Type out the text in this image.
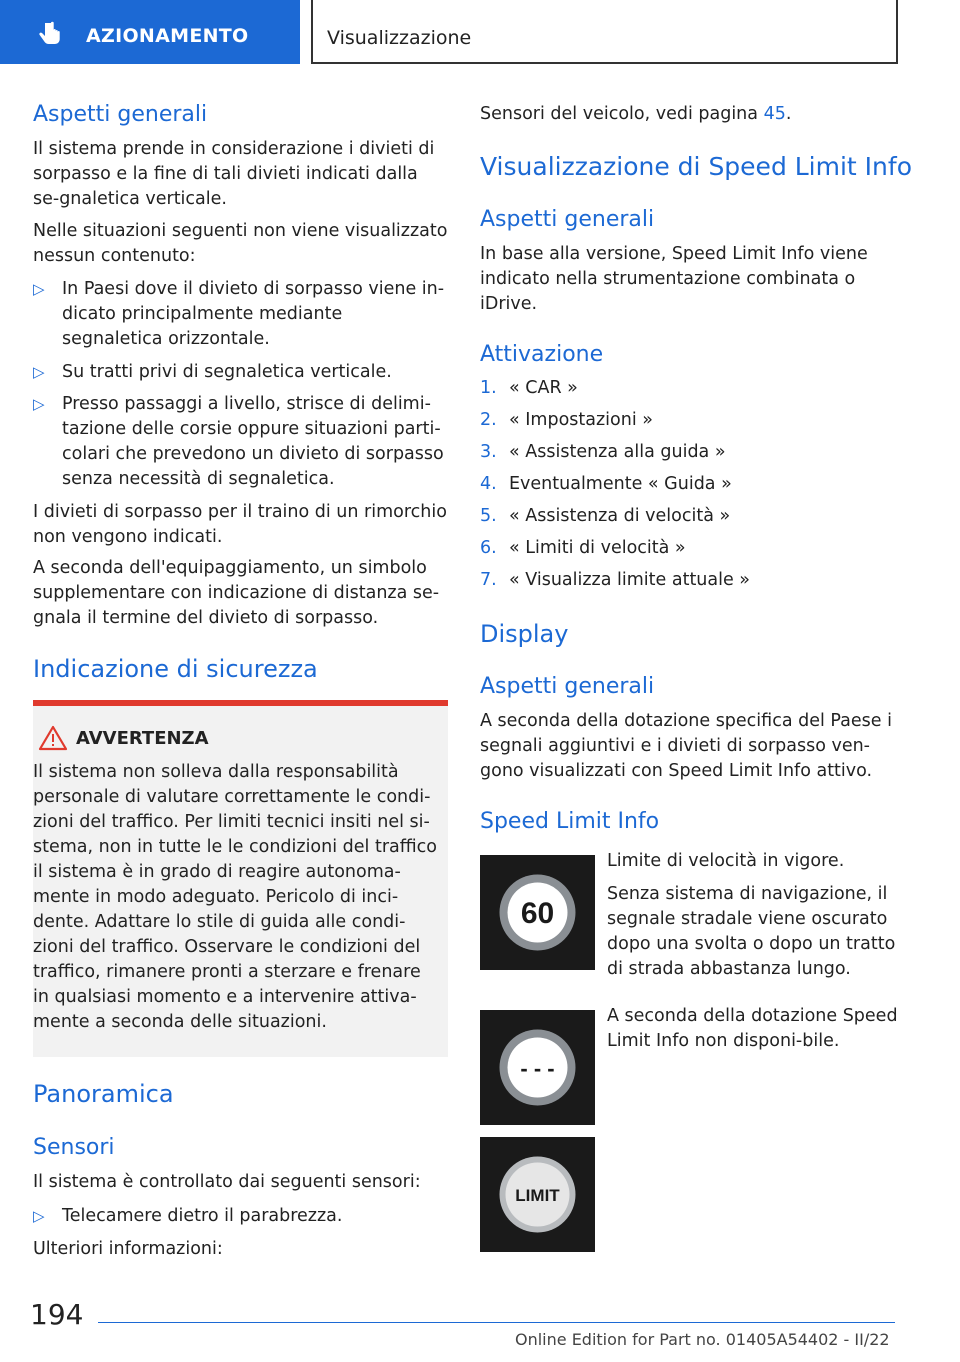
AZIONAMENTO	Visualizzazione
Aspetti generali
Il sistema prende in considerazione i divieti di sorpasso e la fine di tali divieti indicati dalla se-gnaletica verticale.
Nelle situazioni seguenti non viene visualizzato nessun contenuto:
▷ In Paesi dove il divieto di sorpasso viene in-dicato principalmente mediante segnaletica orizzontale.
▷ Su tratti privi di segnaletica verticale.
▷ Presso passaggi a livello, strisce di delimi-tazione delle corsie oppure situazioni parti-colari che prevedono un divieto di sorpasso senza necessità di segnaletica.
I divieti di sorpasso per il traino di un rimorchio non vengono indicati.
A seconda dell'equipaggiamento, un simbolo supplementare con indicazione di distanza se-gnala il termine del divieto di sorpasso.
Indicazione di sicurezza
AVVERTENZA
Il sistema non solleva dalla responsabilità personale di valutare correttamente le condi-zioni del traffico. Per limiti tecnici insiti nel si-stema, non in tutte le le condizioni del traffico il sistema è in grado di reagire autonoma-mente in modo adeguato. Pericolo di inci-dente. Adattare lo stile di guida alle condi-zioni del traffico. Osservare le condizioni del traffico, rimanere pronti a sterzare e frenare in qualsiasi momento e a intervenire attiva-mente a seconda delle situazioni.
Panoramica
Sensori
Il sistema è controllato dai seguenti sensori:
▷ Telecamere dietro il parabrezza.
Ulteriori informazioni:
Sensori del veicolo, vedi pagina 45.
Visualizzazione di Speed Limit Info
Aspetti generali
In base alla versione, Speed Limit Info viene indicato nella strumentazione combinata o iDrive.
Attivazione
1. « CAR »
2. « Impostazioni »
3. « Assistenza alla guida »
4. Eventualmente « Guida »
5. « Assistenza di velocità »
6. « Limiti di velocità »
7. « Visualizza limite attuale »
Display
Aspetti generali
A seconda della dotazione specifica del Paese i segnali aggiuntivi e i divieti di sorpasso ven-gono visualizzati con Speed Limit Info attivo.
Speed Limit Info
60
Limite di velocità in vigore.
Senza sistema di navigazione, il segnale stradale viene oscurato dopo una svolta o dopo un tratto di strada abbastanza lungo.
- - -
A seconda della dotazione Speed Limit Info non disponi-bile.
LIMIT
194
Online Edition for Part no. 01405A54402 - II/22
